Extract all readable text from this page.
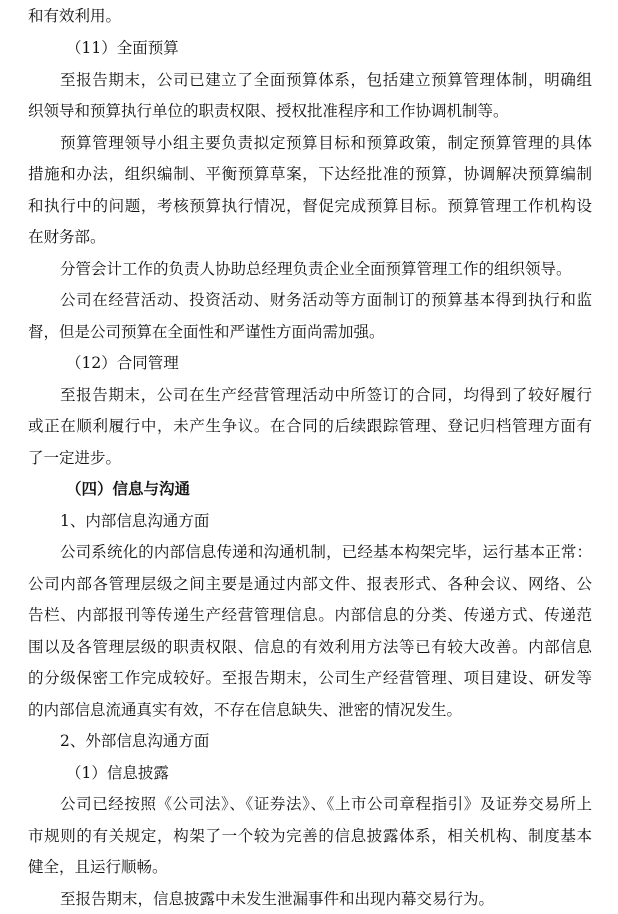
和有效利用。
（11）全面预算
至报告期末，公司已建立了全面预算体系，包括建立预算管理体制，明确组
织领导和预算执行单位的职责权限、授权批准程序和工作协调机制等。
预算管理领导小组主要负责拟定预算目标和预算政策，制定预算管理的具体
措施和办法，组织编制、平衡预算草案，下达经批准的预算，协调解决预算编制
和执行中的问题，考核预算执行情况，督促完成预算目标。预算管理工作机构设
在财务部。
分管会计工作的负责人协助总经理负责企业全面预算管理工作的组织领导。
公司在经营活动、投资活动、财务活动等方面制订的预算基本得到执行和监
督，但是公司预算在全面性和严谨性方面尚需加强。
（12）合同管理
至报告期末，公司在生产经营管理活动中所签订的合同，均得到了较好履行
或正在顺利履行中，未产生争议。在合同的后续跟踪管理、登记归档管理方面有
了一定进步。
（四）信息与沟通
1、内部信息沟通方面
公司系统化的内部信息传递和沟通机制，已经基本构架完毕，运行基本正常：
公司内部各管理层级之间主要是通过内部文件、报表形式、各种会议、网络、公
告栏、内部报刊等传递生产经营管理信息。内部信息的分类、传递方式、传递范
围以及各管理层级的职责权限、信息的有效利用方法等已有较大改善。内部信息
的分级保密工作完成较好。至报告期末，公司生产经营管理、项目建设、研发等
的内部信息流通真实有效，不存在信息缺失、泄密的情况发生。
2、外部信息沟通方面
（1）信息披露
公司已经按照《公司法》、《证券法》、《上市公司章程指引》及证券交易所上
市规则的有关规定，构架了一个较为完善的信息披露体系，相关机构、制度基本
健全，且运行顺畅。
至报告期末，信息披露中未发生泄漏事件和出现内幕交易行为。
